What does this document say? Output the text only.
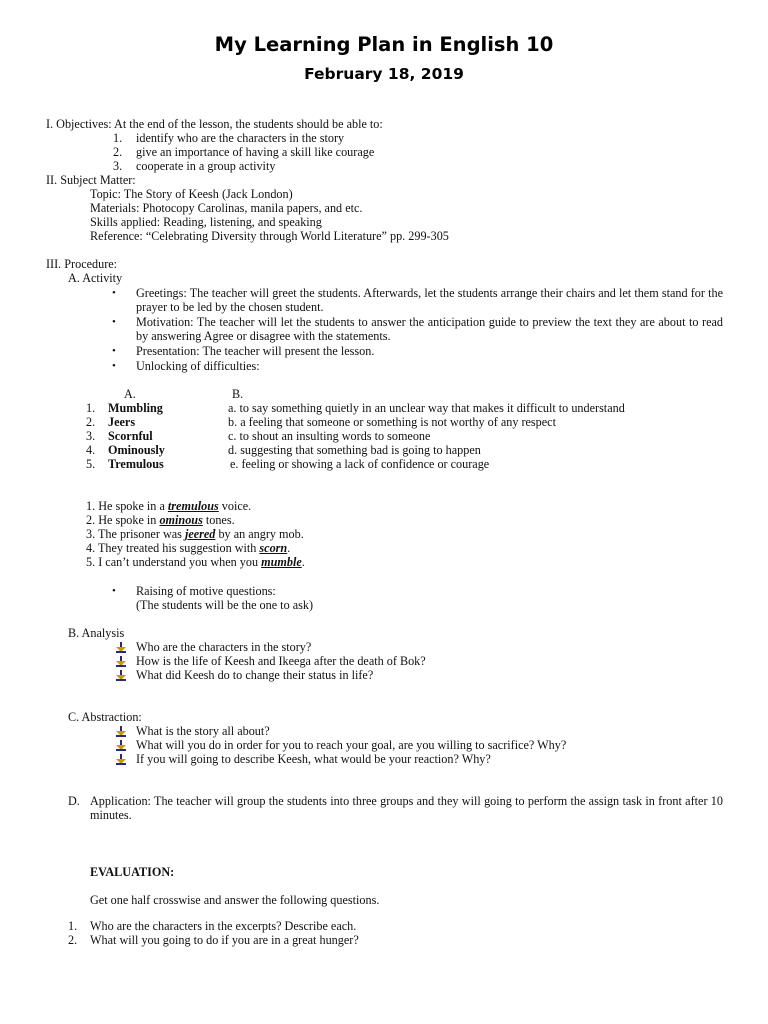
My Learning Plan in English 10
February 18, 2019
I. Objectives: At the end of the lesson, the students should be able to:
1. identify who are the characters in the story
2. give an importance of having a skill like courage
3. cooperate in a group activity
II. Subject Matter:
Topic: The Story of Keesh (Jack London)
Materials: Photocopy Carolinas, manila papers, and etc.
Skills applied: Reading, listening, and speaking
Reference: “Celebrating Diversity through World Literature” pp. 299-305
III. Procedure:
A. Activity
• Greetings: The teacher will greet the students. Afterwards, let the students arrange their chairs and let them stand for the prayer to be led by the chosen student.
• Motivation: The teacher will let the students to answer the anticipation guide to preview the text they are about to read by answering Agree or disagree with the statements.
• Presentation: The teacher will present the lesson.
• Unlocking of difficulties:
A.	B.
1. Mumbling	a. to say something quietly in an unclear way that makes it difficult to understand
2. Jeers	b. a feeling that someone or something is not worthy of any respect
3. Scornful	c. to shout an insulting words to someone
4. Ominously	d. suggesting that something bad is going to happen
5. Tremulous	e. feeling or showing a lack of confidence or courage
1. He spoke in a tremulous voice.
2. He spoke in ominous tones.
3. The prisoner was jeered by an angry mob.
4. They treated his suggestion with scorn.
5. I can’t understand you when you mumble.
• Raising of motive questions:
(The students will be the one to ask)
B. Analysis
Who are the characters in the story?
How is the life of Keesh and Ikeega after the death of Bok?
What did Keesh do to change their status in life?
C. Abstraction:
What is the story all about?
What will you do in order for you to reach your goal, are you willing to sacrifice? Why?
If you will going to describe Keesh, what would be your reaction? Why?
D. Application: The teacher will group the students into three groups and they will going to perform the assign task in front after 10 minutes.
EVALUATION:
Get one half crosswise and answer the following questions.
1. Who are the characters in the excerpts? Describe each.
2. What will you going to do if you are in a great hunger?
